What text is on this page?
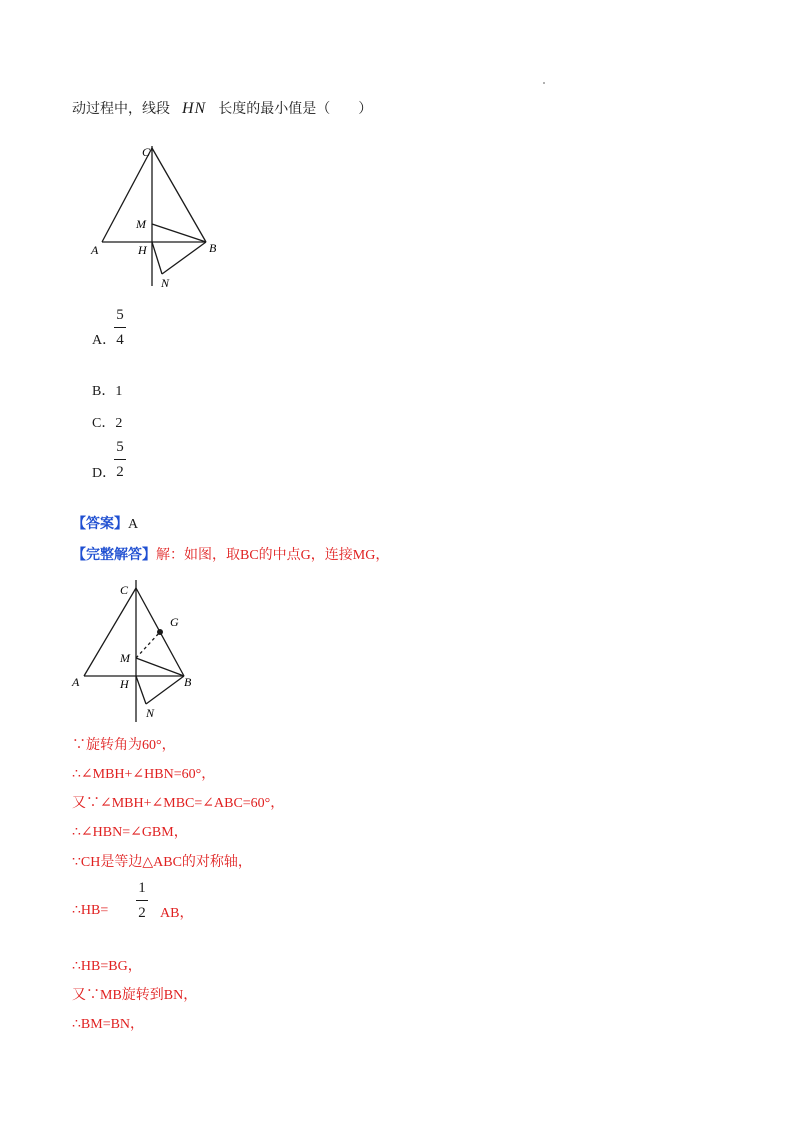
动过程中，线段 HN 长度的最小值是（　　）
C
M
A	H	B
N
A．
5
4
B．1
C．2
D．
5
2
【答案】A
【完整解答】解：如图，取BC的中点G，连接MG，
C
G
M
A	H	B
N
∵旋转角为60°，
∴∠MBH+∠HBN=60°，
又∵∠MBH+∠MBC=∠ABC=60°，
∴∠HBN=∠GBM，
∵CH是等边△ABC的对称轴，
∴HB=
1
2 AB，
∴HB=BG，
又∵MB旋转到BN，
∴BM=BN，
